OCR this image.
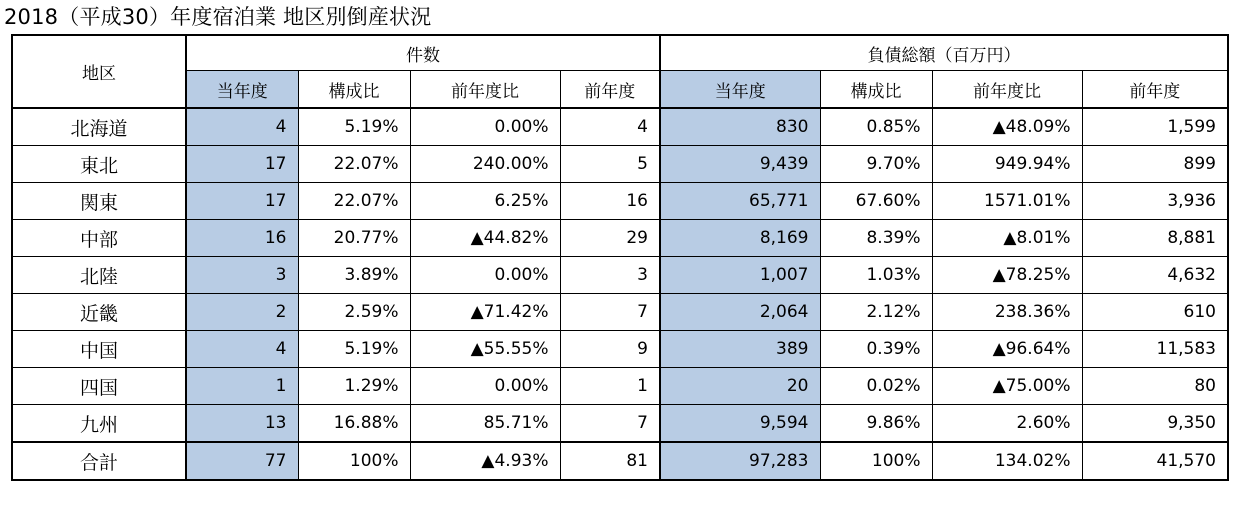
2018（平成30）年度宿泊業 地区別倒産状況
地区	件数				負債総額（百万円）			
	当年度	構成比	前年度比	前年度	当年度	構成比	前年度比	前年度
北海道	4	5.19%	0.00%	4	830	0.85%	▲48.09%	1,599
東北	17	22.07%	240.00%	5	9,439	9.70%	949.94%	899
関東	17	22.07%	6.25%	16	65,771	67.60%	1571.01%	3,936
中部	16	20.77%	▲44.82%	29	8,169	8.39%	▲8.01%	8,881
北陸	3	3.89%	0.00%	3	1,007	1.03%	▲78.25%	4,632
近畿	2	2.59%	▲71.42%	7	2,064	2.12%	238.36%	610
中国	4	5.19%	▲55.55%	9	389	0.39%	▲96.64%	11,583
四国	1	1.29%	0.00%	1	20	0.02%	▲75.00%	80
九州	13	16.88%	85.71%	7	9,594	9.86%	2.60%	9,350
合計	77	100%	▲4.93%	81	97,283	100%	134.02%	41,570
